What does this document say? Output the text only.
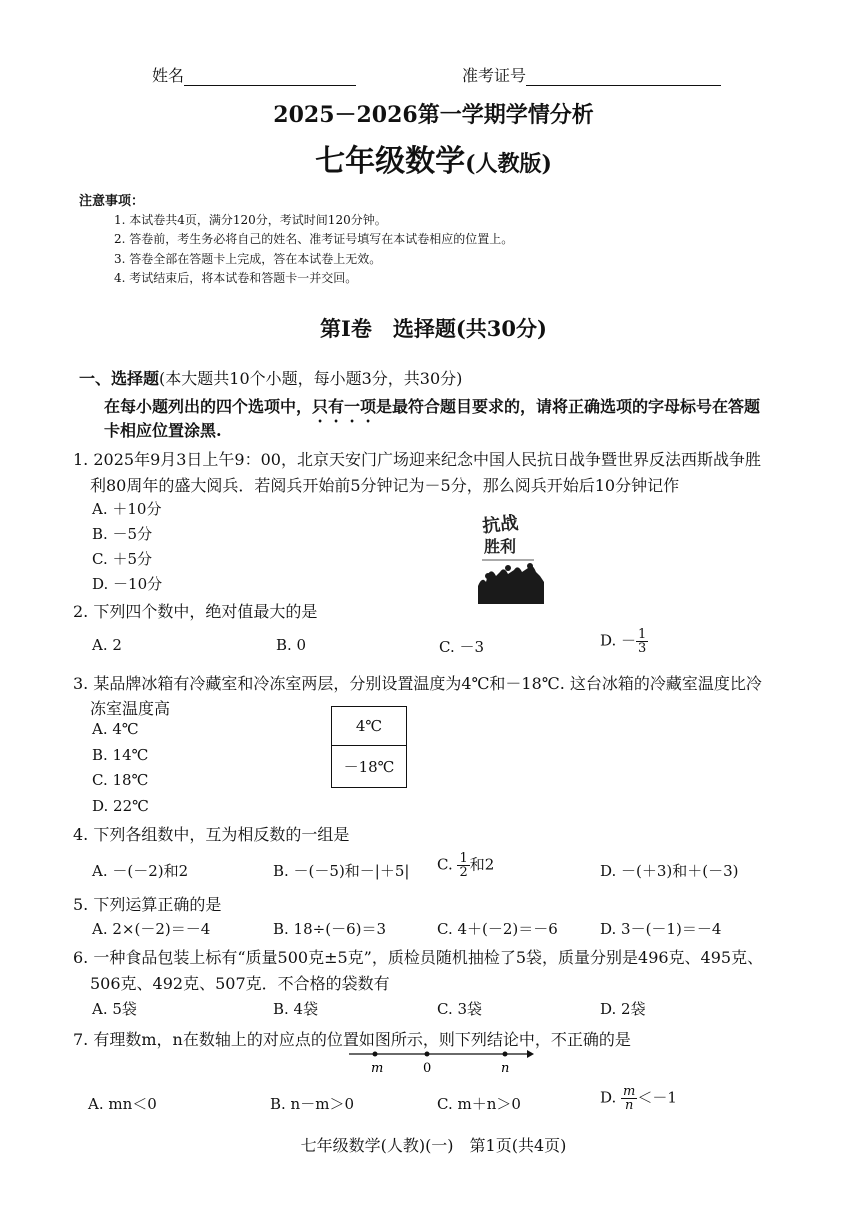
姓名	准考证号
2025－2026第一学期学情分析
七年级数学(人教版)
注意事项：
1. 本试卷共4页，满分120分，考试时间120分钟。
2. 答卷前，考生务必将自己的姓名、准考证号填写在本试卷相应的位置上。
3. 答卷全部在答题卡上完成，答在本试卷上无效。
4. 考试结束后，将本试卷和答题卡一并交回。
第Ⅰ卷　选择题(共30分)
一、选择题(本大题共10个小题，每小题3分，共30分)
在每小题列出的四个选项中，只有一项是最符合题目要求的，请将正确选项的字母标号在答题
卡相应位置涂黑.
1. 2025年9月3日上午9：00，北京天安门广场迎来纪念中国人民抗日战争暨世界反法西斯战争胜
利80周年的盛大阅兵．若阅兵开始前5分钟记为－5分，那么阅兵开始后10分钟记作
A. ＋10分
B. －5分
C. ＋5分
D. －10分
抗战
胜利
抗战胜利
2. 下列四个数中，绝对值最大的是
A. 2	B. 0	C. －3	D. － $\frac{1}{3}$
3. 某品牌冰箱有冷藏室和冷冻室两层，分别设置温度为4℃和－18℃. 这台冰箱的冷藏室温度比冷
冻室温度高
A. 4℃
B. 14℃
C. 18℃
D. 22℃
4℃
－18℃
4. 下列各组数中，互为相反数的一组是
A. －(－2)和2	B. －(－5)和－|＋5| C. $\frac{1}{2}$ 和2	D. －(＋3)和＋(－3)
5. 下列运算正确的是
A. 2×(－2)＝－4	B. 18÷(－6)＝3	C. 4＋(－2)＝－6	D. 3－(－1)＝－4
6. 一种食品包装上标有“质量500克±5克”，质检员随机抽检了5袋，质量分别是496克、495克、
506克、492克、507克．不合格的袋数有
A. 5袋	B. 4袋	C. 3袋	D. 2袋
7. 有理数m，n在数轴上的对应点的位置如图所示，则下列结论中，不正确的是
m	0	n
A. mn＜0	B. n－m＞0	C. m＋n＞0	D. $\frac{m}{n} <-1$
七年级数学(人教)(一)　第1页(共4页)
